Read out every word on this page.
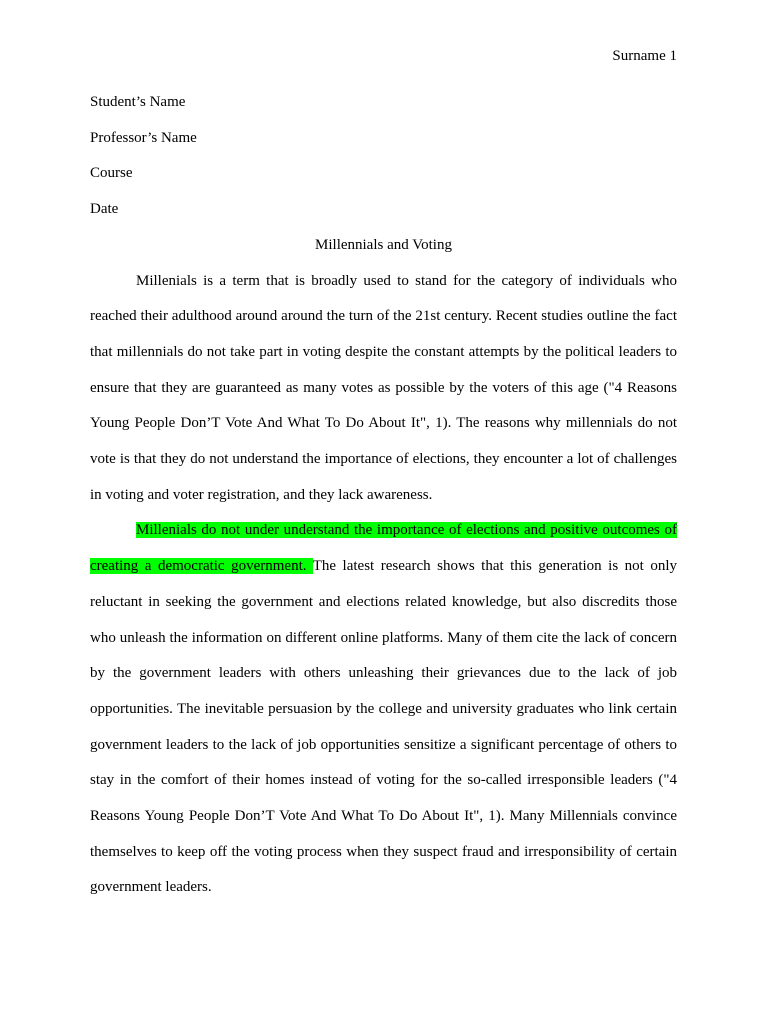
Surname 1

Student’s Name

Professor’s Name

Course

Date

Millennials and Voting

Millenials is a term that is broadly used to stand for the category of individuals who reached their adulthood around around the turn of the 21st century. Recent studies outline the fact that millennials do not take part in voting despite the constant attempts by the political leaders to ensure that they are guaranteed as many votes as possible by the voters of this age ("4 Reasons Young People Don’T Vote And What To Do About It", 1). The reasons why millennials do not vote is that they do not understand the importance of elections, they encounter a lot of challenges in voting and voter registration, and they lack awareness.

Millenials do not under understand the importance of elections and positive outcomes of creating a democratic government. The latest research shows that this generation is not only reluctant in seeking the government and elections related knowledge, but also discredits those who unleash the information on different online platforms. Many of them cite the lack of concern by the government leaders with others unleashing their grievances due to the lack of job opportunities. The inevitable persuasion by the college and university graduates who link certain government leaders to the lack of job opportunities sensitize a significant percentage of others to stay in the comfort of their homes instead of voting for the so-called irresponsible leaders ("4 Reasons Young People Don’T Vote And What To Do About It", 1). Many Millennials convince themselves to keep off the voting process when they suspect fraud and irresponsibility of certain government leaders.
